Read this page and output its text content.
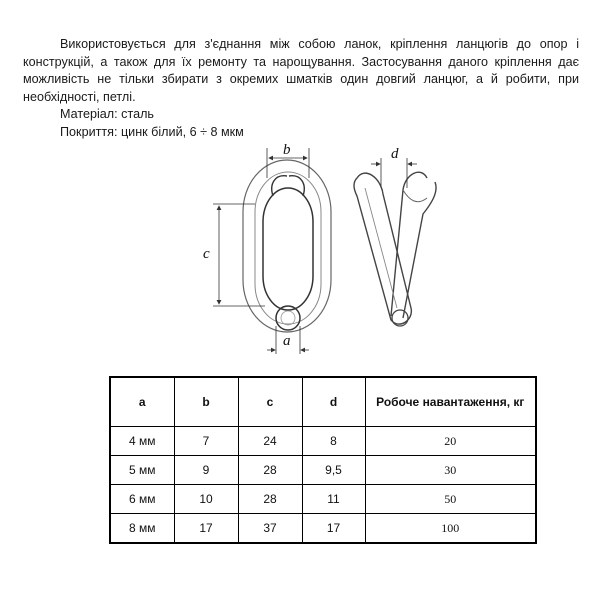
Використовується для з'єднання між собою ланок, кріплення ланцюгів до опор і конструкцій, а також для їх ремонту та нарощування. Застосування даного кріплення дає можливість не тільки збирати з окремих шматків один довгий ланцюг, а й робити, при необхідності, петлі.

Матеріал: сталь

Покриття: цинк білий, 6 ÷ 8 мкм

b
c
a
d
a	b	c	d	Робоче навантаження, кг
4 мм	7	24	8	20
5 мм	9	28	9,5	30
6 мм	10	28	11	50
8 мм	17	37	17	100
